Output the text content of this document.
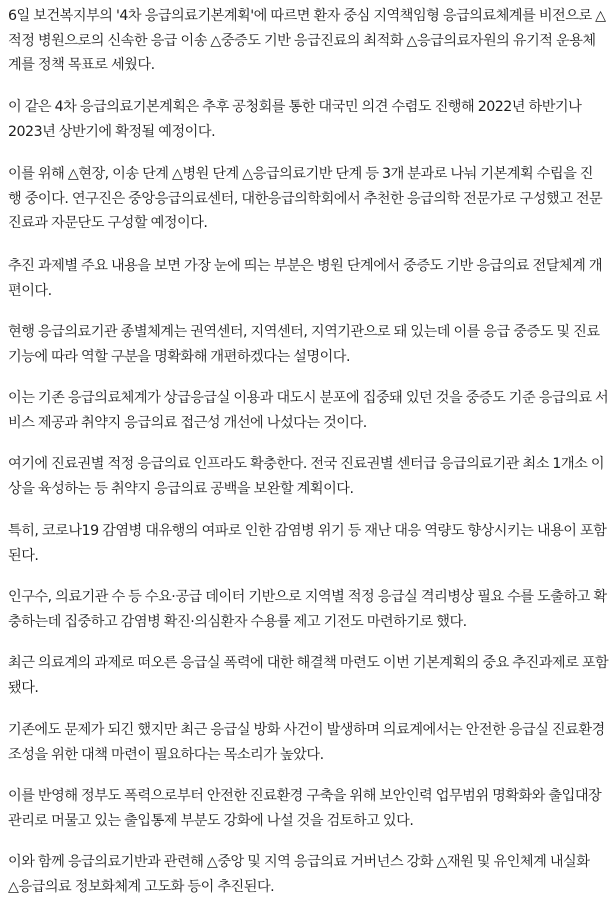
6일 보건복지부의 '4차 응급의료기본계획'에 따르면 환자 중심 지역책임형 응급의료체계를 비전으로 △
적정 병원으로의 신속한 응급 이송 △중증도 기반 응급진료의 최적화 △응급의료자원의 유기적 운용체
계를 정책 목표로 세웠다.

이 같은 4차 응급의료기본계획은 추후 공청회를 통한 대국민 의견 수렴도 진행해 2022년 하반기나
2023년 상반기에 확정될 예정이다.

이를 위해 △현장, 이송 단계 △병원 단계 △응급의료기반 단계 등 3개 분과로 나눠 기본계획 수립을 진
행 중이다. 연구진은 중앙응급의료센터, 대한응급의학회에서 추천한 응급의학 전문가로 구성했고 전문
진료과 자문단도 구성할 예정이다.

추진 과제별 주요 내용을 보면 가장 눈에 띄는 부분은 병원 단계에서 중증도 기반 응급의료 전달체계 개
편이다.

현행 응급의료기관 종별체계는 권역센터, 지역센터, 지역기관으로 돼 있는데 이를 응급 중증도 및 진료
기능에 따라 역할 구분을 명확화해 개편하겠다는 설명이다.

이는 기존 응급의료체계가 상급응급실 이용과 대도시 분포에 집중돼 있던 것을 중증도 기준 응급의료 서
비스 제공과 취약지 응급의료 접근성 개선에 나섰다는 것이다.

여기에 진료권별 적정 응급의료 인프라도 확충한다. 전국 진료권별 센터급 응급의료기관 최소 1개소 이
상을 육성하는 등 취약지 응급의료 공백을 보완할 계획이다.

특히, 코로나19 감염병 대유행의 여파로 인한 감염병 위기 등 재난 대응 역량도 향상시키는 내용이 포함
된다.

인구수, 의료기관 수 등 수요·공급 데이터 기반으로 지역별 적정 응급실 격리병상 필요 수를 도출하고 확
충하는데 집중하고 감염병 확진·의심환자 수용률 제고 기전도 마련하기로 했다.

최근 의료계의 과제로 떠오른 응급실 폭력에 대한 해결책 마련도 이번 기본계획의 중요 추진과제로 포함
됐다.

기존에도 문제가 되긴 했지만 최근 응급실 방화 사건이 발생하며 의료계에서는 안전한 응급실 진료환경
조성을 위한 대책 마련이 필요하다는 목소리가 높았다.

이를 반영해 정부도 폭력으로부터 안전한 진료환경 구축을 위해 보안인력 업무범위 명확화와 출입대장
관리로 머물고 있는 출입통제 부분도 강화에 나설 것을 검토하고 있다.

이와 함께 응급의료기반과 관련해 △중앙 및 지역 응급의료 거버넌스 강화 △재원 및 유인체계 내실화
△응급의료 정보화체계 고도화 등이 추진된다.
